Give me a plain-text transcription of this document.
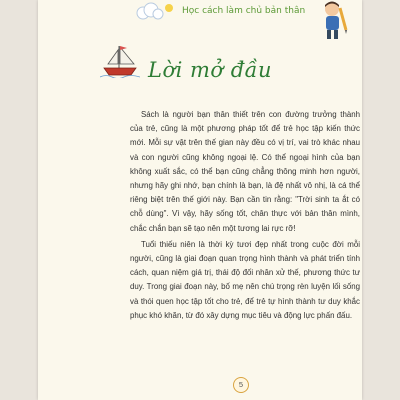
Học cách làm chủ bản thân
Lời mở đầu

Sách là người bạn thân thiết trên con đường trưởng thành của trẻ, cũng là một phương pháp tốt để trẻ học tập kiến thức mới. Mỗi sự vật trên thế gian này đều có vị trí, vai trò khác nhau và con người cũng không ngoại lệ. Có thể ngoại hình của bạn không xuất sắc, có thể bạn cũng chẳng thông minh hơn người, nhưng hãy ghi nhớ, bạn chính là bạn, là đệ nhất vô nhị, là cá thể riêng biệt trên thế giới này. Bạn cần tin rằng: "Trời sinh ta ắt có chỗ dùng". Vì vậy, hãy sống tốt, chân thực với bản thân mình, chắc chắn bạn sẽ tạo nên một tương lai rực rỡ!

Tuổi thiếu niên là thời kỳ tươi đẹp nhất trong cuộc đời mỗi người, cũng là giai đoạn quan trọng hình thành và phát triển tính cách, quan niệm giá trị, thái độ đối nhân xử thế, phương thức tư duy. Trong giai đoạn này, bố mẹ nên chú trọng rèn luyện lối sống và thói quen học tập tốt cho trẻ, để trẻ tự hình thành tư duy khắc phục khó khăn, từ đó xây dựng mục tiêu và động lực phấn đấu.

5
